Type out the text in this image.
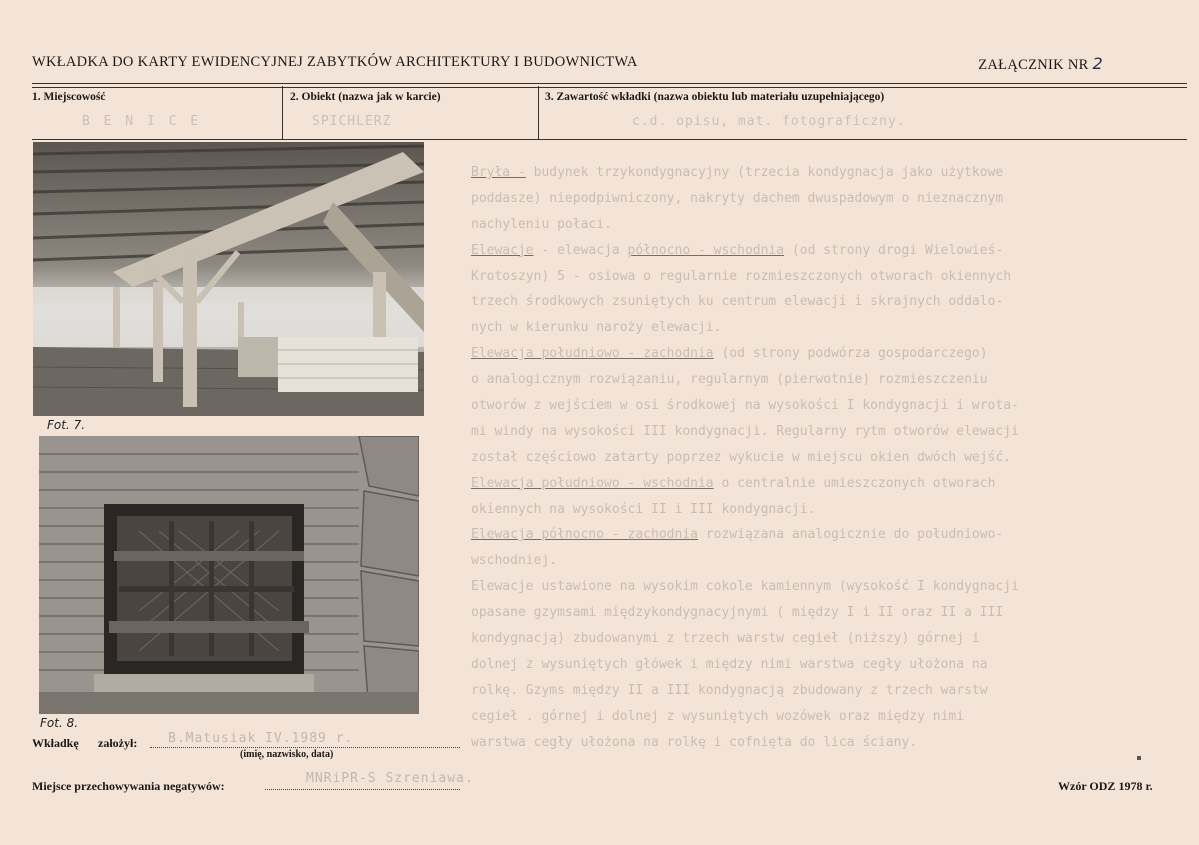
WKŁADKA DO KARTY EWIDENCYJNEJ ZABYTKÓW ARCHITEKTURY I BUDOWNICTWA	ZAŁĄCZNIK NR 2
1. Miejscowość
B E N I C E
2. Obiekt (nazwa jak w karcie)
SPICHLERZ
3. Zawartość wkładki (nazwa obiektu lub materiału uzupełniającego)
c.d. opisu, mat. fotograficzny.
Fot. 7.
Fot. 8.
Bryła - budynek trzykondygnacyjny (trzecia kondygnacja jako użytkowe
poddasze) niepodpiwniczony, nakryty dachem dwuspadowym o nieznacznym
nachyleniu połaci.
Elewacje - elewacja północno - wschodnia (od strony drogi Wielowieś-
Krotoszyn) 5 - osiowa o regularnie rozmieszczonych otworach okiennych
trzech środkowych zsuniętych ku centrum elewacji i skrajnych oddalo-
nych w kierunku naroży elewacji.
Elewacja południowo - zachodnia (od strony podwórza gospodarczego)
o analogicznym rozwiązaniu, regularnym (pierwotnie) rozmieszczeniu
otworów z wejściem w osi środkowej na wysokości I kondygnacji i wrota-
mi windy na wysokości III kondygnacji. Regularny rytm otworów elewacji
został częściowo zatarty poprzez wykucie w miejscu okien dwóch wejść.
Elewacja południowo - wschodnia o centralnie umieszczonych otworach
okiennych na wysokości II i III kondygnacji.
Elewacja północno - zachodnia rozwiązana analogicznie do południowo-
wschodniej.
Elewacje ustawione na wysokim cokole kamiennym (wysokość I kondygnacji
opasane gzymsami międzykondygnacyjnymi ( między I i II oraz II a III
kondygnacją) zbudowanymi z trzech warstw cegieł (niższy) górnej i
dolnej z wysuniętych główek i między nimi warstwa cegły ułożona na
rolkę. Gzyms między II a III kondygnacją zbudowany z trzech warstw
cegieł . górnej i dolnej z wysuniętych wozówek oraz między nimi
warstwa cegły ułożona na rolkę i cofnięta do lica ściany.
Wkładkę założył: B.Matusiak IV.1989 r.
(imię, nazwisko, data)
Miejsce przechowywania negatywów:	MNRiPR-S Szreniawa.	Wzór ODZ 1978 r.
